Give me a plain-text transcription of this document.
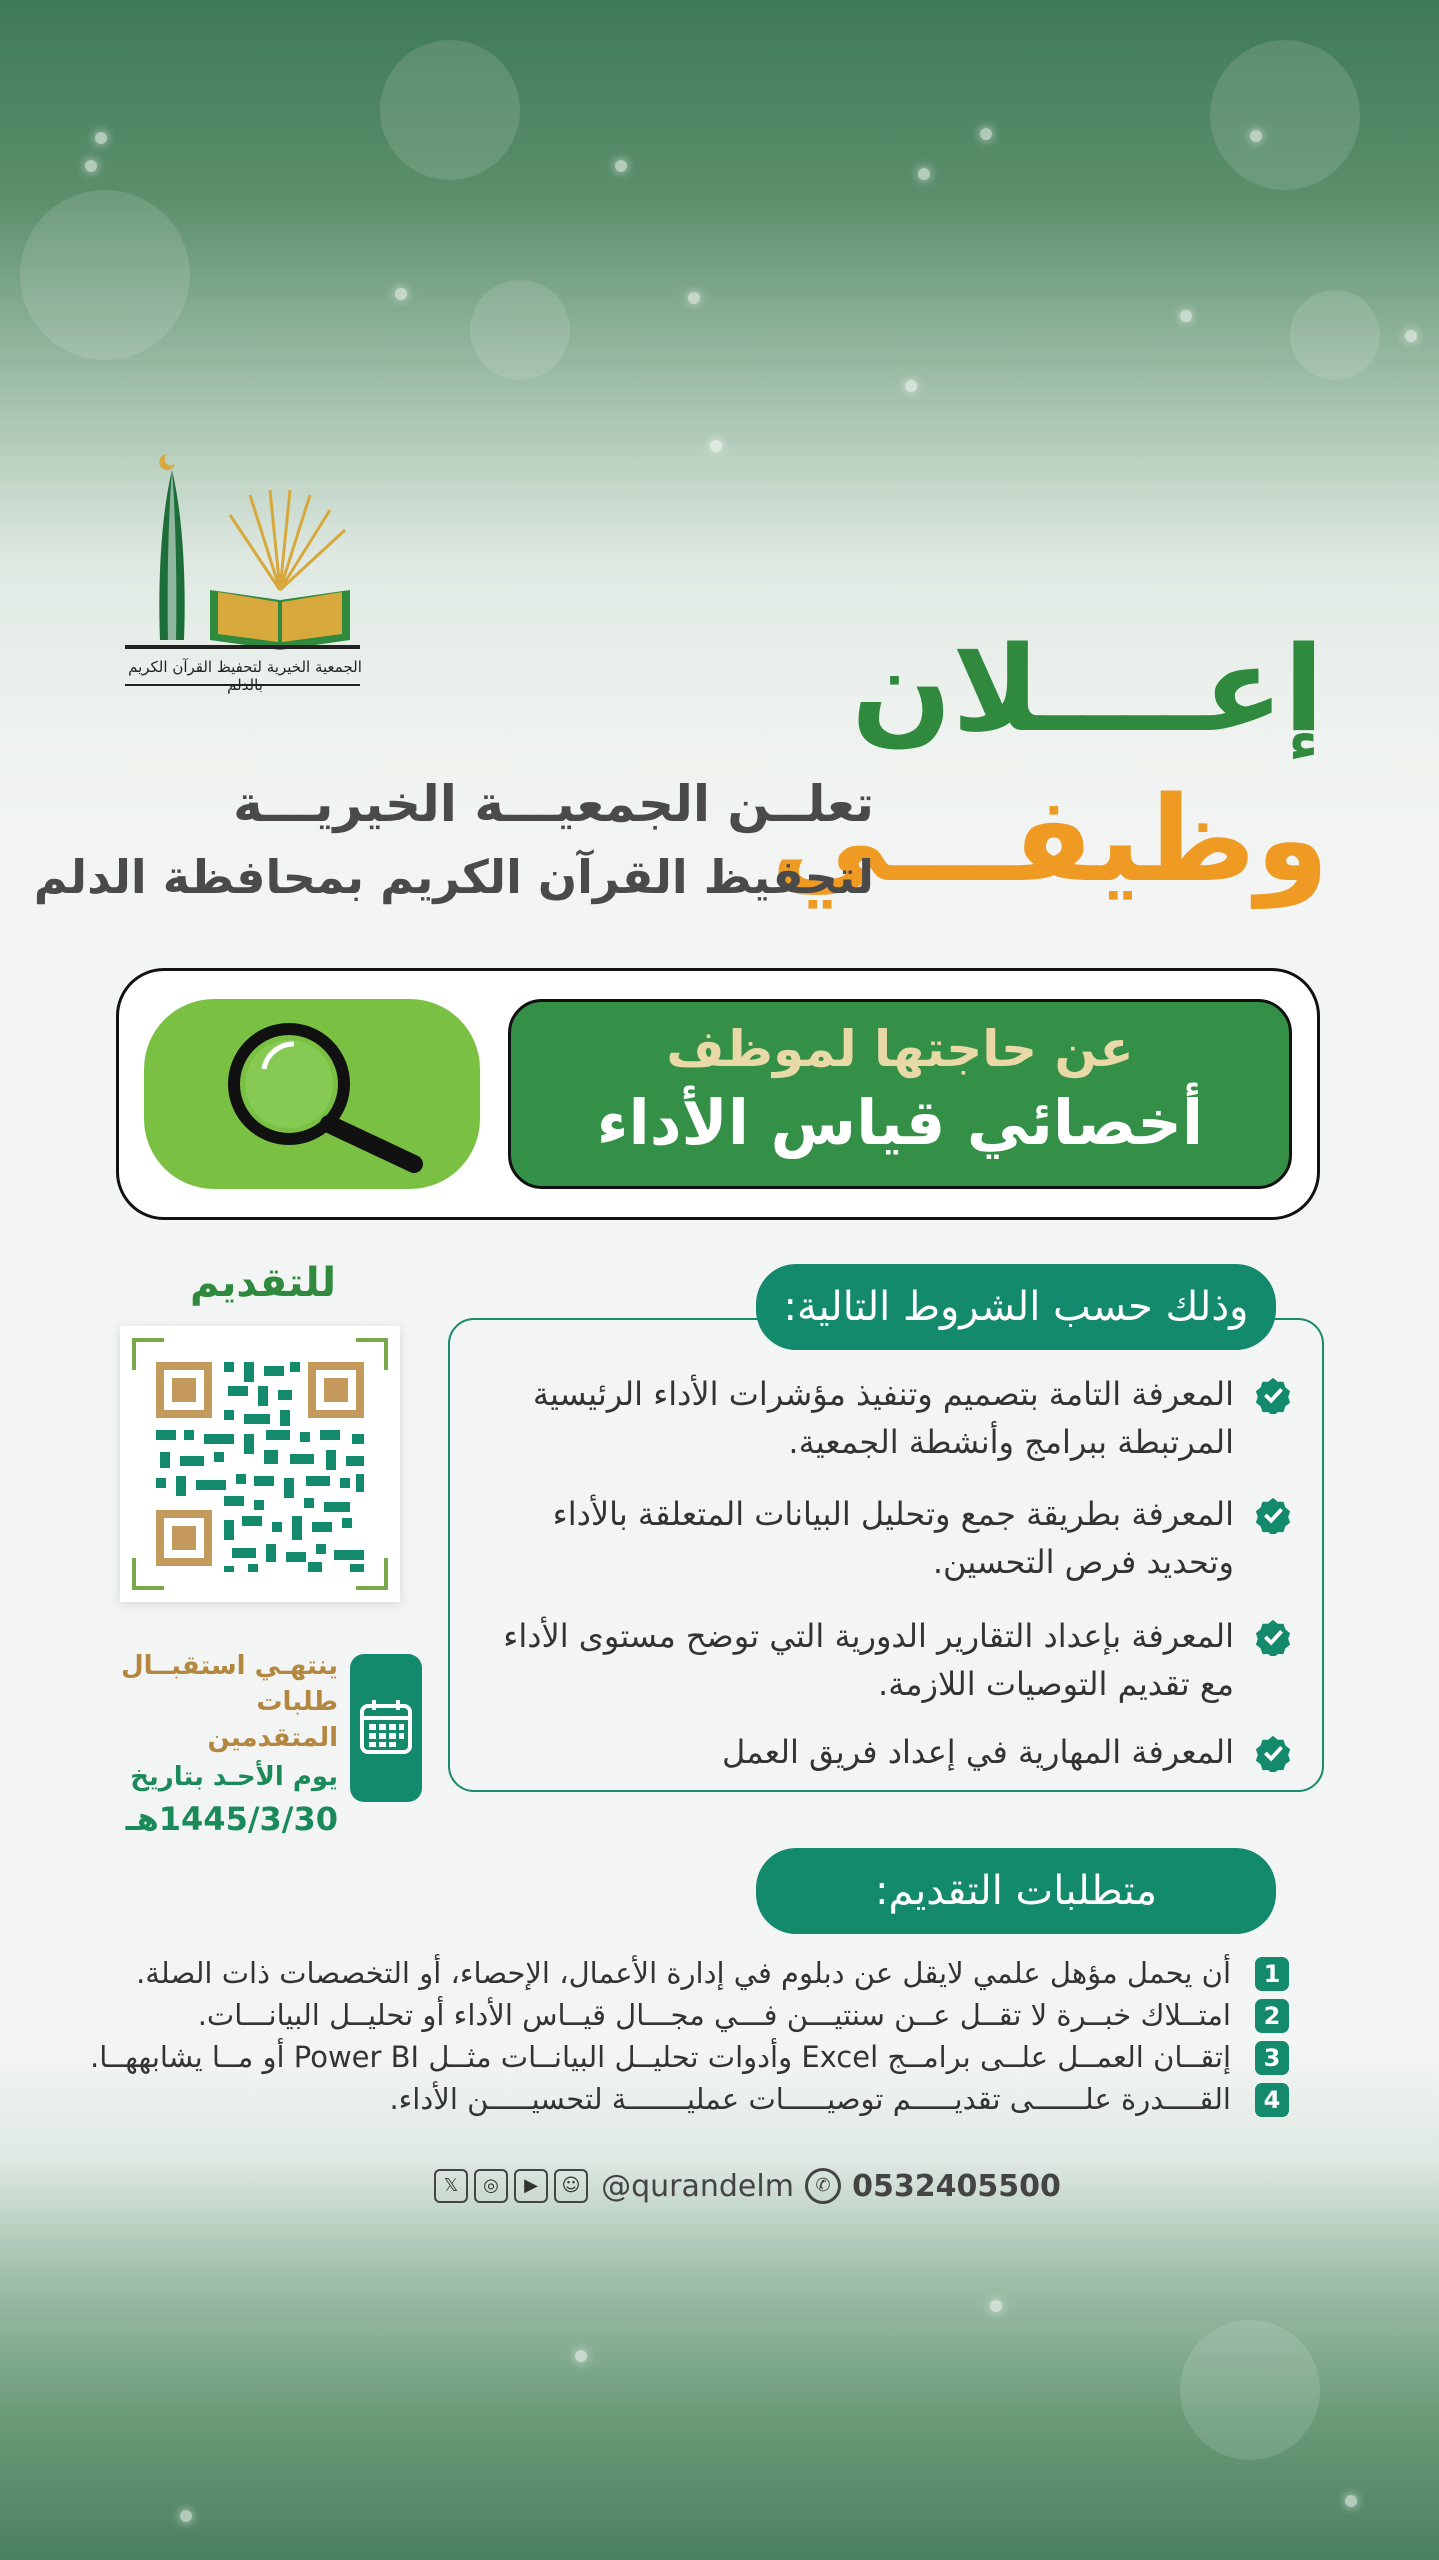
الجمعية الخيرية لتحفيظ القرآن الكريم بالدلم	إعــــلان
وظيفـــي
تعلــن الجمعيـــة الخيريـــة
لتحفيظ القرآن الكريم بمحافظة الدلم
عن حاجتها لموظف
أخصائي قياس الأداء
وذلك حسب الشروط التالية:
المعرفة التامة بتصميم وتنفيذ مؤشرات الأداء الرئيسية المرتبطة ببرامج وأنشطة الجمعية.
المعرفة بطريقة جمع وتحليل البيانات المتعلقة بالأداء وتحديد فرص التحسين.
المعرفة بإعداد التقارير الدورية التي توضح مستوى الأداء مع تقديم التوصيات اللازمة.
المعرفة المهارية في إعداد فريق العمل
للتقديم
ينتهـي استقبــال
طلبات المتقدمين
يوم الأحـد بتاريخ
1445/3/30هـ
متطلبات التقديم:
1
أن يحمل مؤهل علمي لايقل عن دبلوم في إدارة الأعمال، الإحصاء، أو التخصصات ذات الصلة.
2
امتــلاك خبــرة لا تقــل عــن سنتيـــن فـــي مجـــال قيــاس الأداء أو تحليــل البيانـــات.
3
إتقــان العمــل علــى برامــج Excel وأدوات تحليــل البيانــات مثــل Power BI أو مــا يشابههــا.
4
القــــدرة علــــــى تقديـــــم توصيـــــات عمليـــــــة لتحسيـــــن الأداء.
𝕏 ◎ ▶ ☺ @qurandelm ✆ 0532405500
